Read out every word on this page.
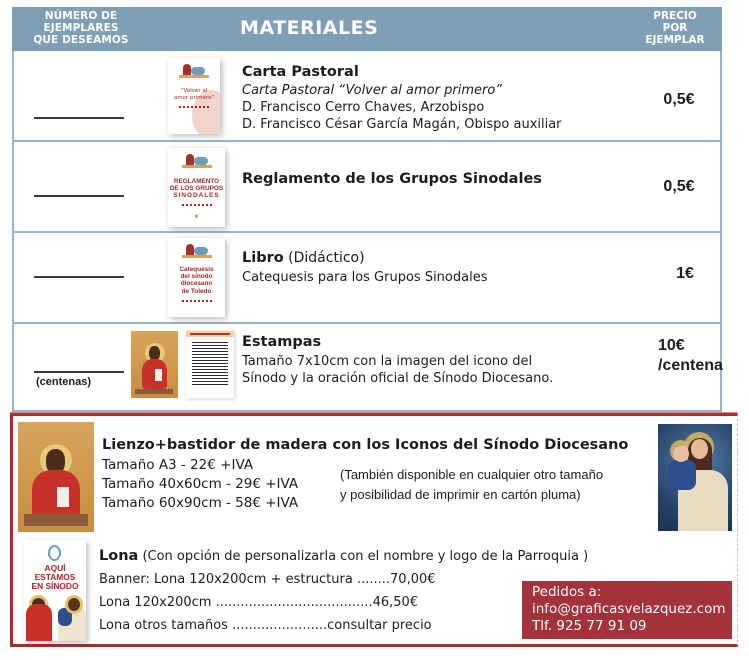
NÚMERO DE
EJEMPLARES
QUE DESEAMOS
MATERIALES
PRECIO
POR
EJEMPLAR
“Volver al
amor primero”
Carta Pastoral
Carta Pastoral “Volver al amor primero”
D. Francisco Cerro Chaves, Arzobispo
D. Francisco César García Magán, Obispo auxiliar
0,5€
REGLAMENTO
DE LOS GRUPOS
SINODALES
⚜
Reglamento de los Grupos Sinodales	0,5€
Catequesis
del sínodo
diocesano
de Toledo
Libro (Didáctico)
Catequesis para los Grupos Sinodales	1€
(centenas)
Estampas
Tamaño 7x10cm con la imagen del icono del
Sínodo y la oración oficial de Sínodo Diocesano.
10€
/centena
Lienzo+bastidor de madera con los Iconos del Sínodo Diocesano
Tamaño A3 - 22€ +IVA
Tamaño 40x60cm - 29€ +IVA
Tamaño 60x90cm - 58€ +IVA
(También disponible en cualquier otro tamaño
y posibilidad de imprimir en cartón pluma)
AQUÍ
ESTAMOS
EN SÍNODO
Lona (Con opción de personalizarla con el nombre y logo de la Parroquia )
Banner: Lona 120x200cm + estructura ........70,00€
Lona 120x200cm ......................................46,50€
Lona otros tamaños .......................consultar precio
Pedidos a:
info@graficasvelazquez.com
Tlf. 925 77 91 09
